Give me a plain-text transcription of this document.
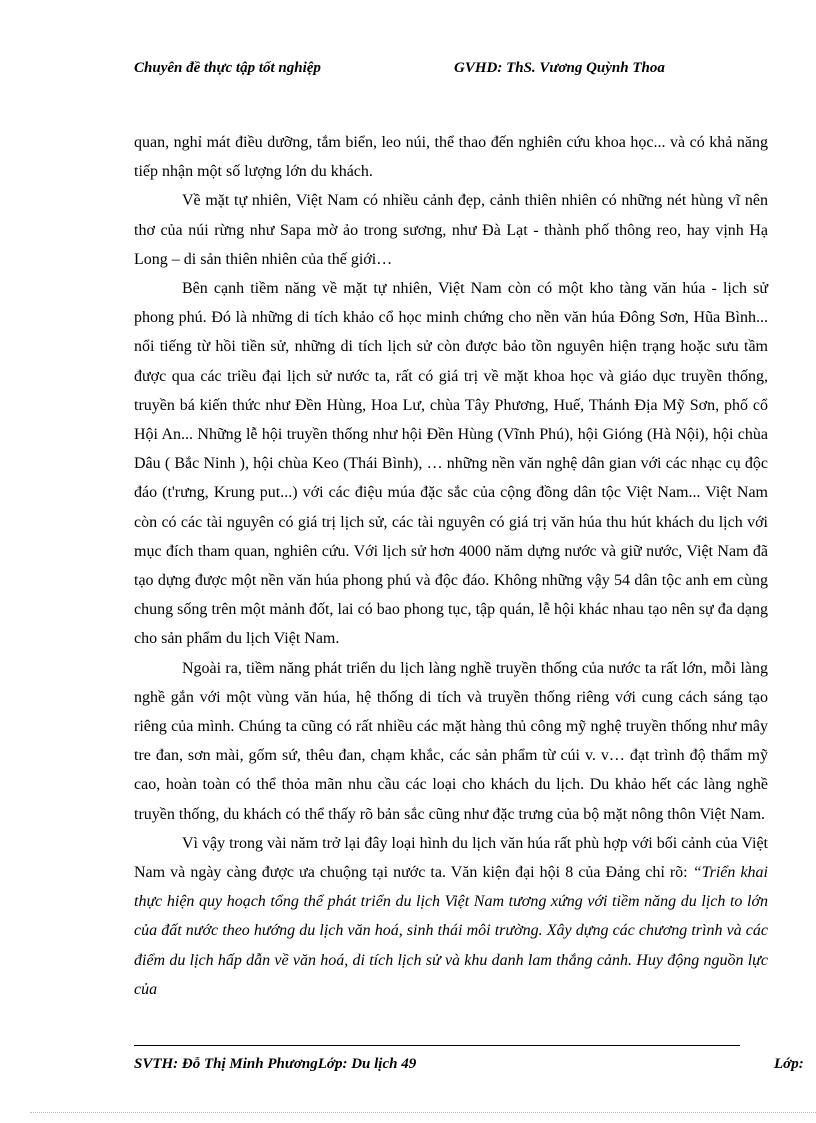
Chuyên đề thực tập tốt nghiệp	GVHD: ThS. Vương Quỳnh Thoa

quan, nghỉ mát điều dưỡng, tắm biển, leo núi, thể thao đến nghiên cứu khoa học... và có khả năng tiếp nhận một số lượng lớn du khách.

Về mặt tự nhiên, Việt Nam có nhiều cảnh đẹp, cảnh thiên nhiên có những nét hùng vĩ nên thơ của núi rừng như Sapa mờ ảo trong sương, như Đà Lạt - thành phố thông reo, hay vịnh Hạ Long – di sản thiên nhiên của thế giới…

Bên cạnh tiềm năng về mặt tự nhiên, Việt Nam còn có một kho tàng văn húa - lịch sử phong phú. Đó là những di tích khảo cổ học minh chứng cho nền văn húa Đông Sơn, Hũa Bình... nổi tiếng từ hồi tiền sử, những di tích lịch sử còn được bảo tồn nguyên hiện trạng hoặc sưu tầm được qua các triều đại lịch sử nước ta, rất có giá trị về mặt khoa học và giáo dục truyền thống, truyền bá kiến thức như Đền Hùng, Hoa Lư, chùa Tây Phương, Huế, Thánh Địa Mỹ Sơn, phố cổ Hội An... Những lễ hội truyền thống như hội Đền Hùng (Vĩnh Phú), hội Gióng (Hà Nội), hội chùa Dâu ( Bắc Ninh ), hội chùa Keo (Thái Bình), … những nền văn nghệ dân gian với các nhạc cụ độc đáo (t'rưng, Krung put...) với các điệu múa đặc sắc của cộng đồng dân tộc Việt Nam... Việt Nam còn có các tài nguyên có giá trị lịch sử, các tài nguyên có giá trị văn húa thu hút khách du lịch với mục đích tham quan, nghiên cứu. Với lịch sử hơn 4000 năm dựng nước và giữ nước, Việt Nam đã tạo dựng được một nền văn húa phong phú và độc đáo. Không những vậy 54 dân tộc anh em cùng chung sống trên một mảnh đốt, lai có bao phong tục, tập quán, lễ hội khác nhau tạo nên sự đa dạng cho sản phẩm du lịch Việt Nam.

Ngoài ra, tiềm năng phát triển du lịch làng nghề truyền thống của nước ta rất lớn, mỗi làng nghề gắn với một vùng văn húa, hệ thống di tích và truyền thống riêng với cung cách sáng tạo riêng của mình. Chúng ta cũng có rất nhiều các mặt hàng thủ công mỹ nghệ truyền thống như mây tre đan, sơn mài, gốm sứ, thêu đan, chạm khắc, các sản phẩm từ cúi v. v… đạt trình độ thẩm mỹ cao, hoàn toàn có thể thỏa mãn nhu cầu các loại cho khách du lịch. Du khảo hết các làng nghề truyền thống, du khách có thể thấy rõ bản sắc cũng như đặc trưng của bộ mặt nông thôn Việt Nam.

Vì vậy trong vài năm trở lại đây loại hình du lịch văn húa rất phù hợp với bối cảnh của Việt Nam và ngày càng được ưa chuộng tại nước ta. Văn kiện đại hội 8 của Đảng chỉ rõ: “Triển khai thực hiện quy hoạch tổng thể phát triển du lịch Việt Nam tương xứng với tiềm năng du lịch to lớn của đất nước theo hướng du lịch văn hoá, sinh thái môi trường. Xây dựng các chương trình và các điểm du lịch hấp dẫn về văn hoá, di tích lịch sử và khu danh lam thắng cảnh. Huy động nguồn lực của

SVTH: Đỗ Thị Minh PhươngLớp: Du lịch 49	Lớp:
